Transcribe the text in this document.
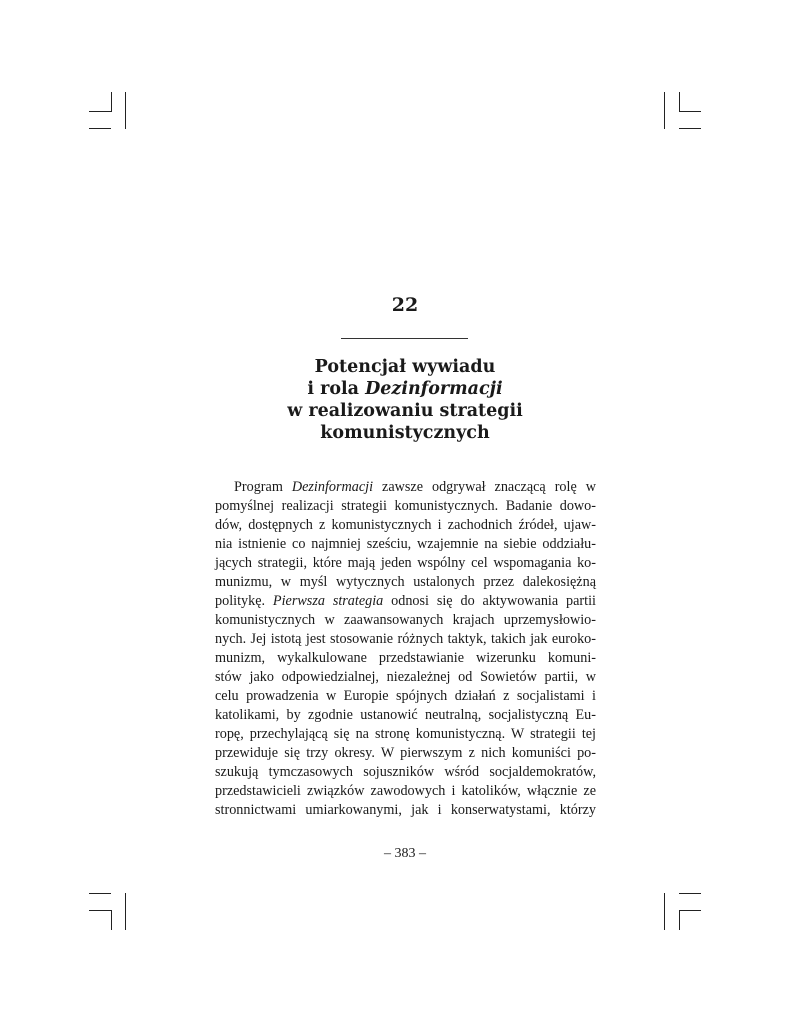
22
Potencjał wywiadu
i rola Dezinformacji
w realizowaniu strategii
komunistycznych
Program Dezinformacji zawsze odgrywał znaczącą rolę w
pomyślnej realizacji strategii komunistycznych. Badanie dowo-
dów, dostępnych z komunistycznych i zachodnich źródeł, ujaw-
nia istnienie co najmniej sześciu, wzajemnie na siebie oddziału-
jących strategii, które mają jeden wspólny cel wspomagania ko-
munizmu, w myśl wytycznych ustalonych przez dalekosiężną
politykę. Pierwsza strategia odnosi się do aktywowania partii
komunistycznych w zaawansowanych krajach uprzemysłowio-
nych. Jej istotą jest stosowanie różnych taktyk, takich jak euroko-
munizm, wykalkulowane przedstawianie wizerunku komuni-
stów jako odpowiedzialnej, niezależnej od Sowietów partii, w
celu prowadzenia w Europie spójnych działań z socjalistami i
katolikami, by zgodnie ustanowić neutralną, socjalistyczną Eu-
ropę, przechylającą się na stronę komunistyczną. W strategii tej
przewiduje się trzy okresy. W pierwszym z nich komuniści po-
szukują tymczasowych sojuszników wśród socjaldemokratów,
przedstawicieli związków zawodowych i katolików, włącznie ze
stronnictwami umiarkowanymi, jak i konserwatystami, którzy
– 383 –
